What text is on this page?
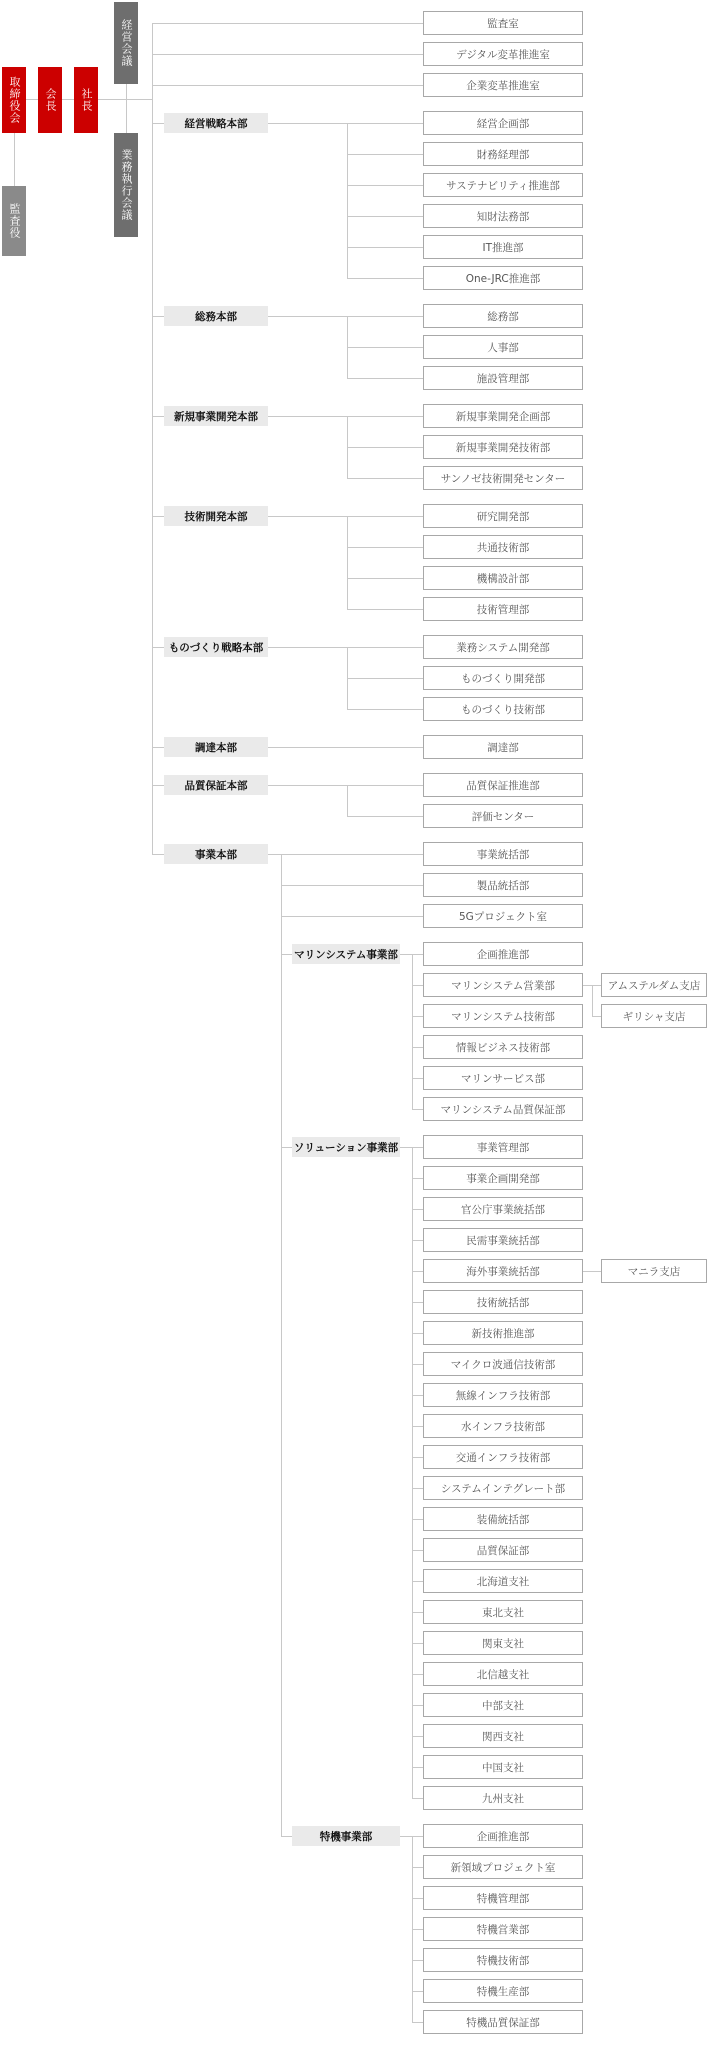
取締役会 会長 社長
監査役
経営会議
業務執行会議
監査室
デジタル変革推進室
企業変革推進室
経営戦略本部	経営企画部
財務経理部
サステナビリティ推進部
知財法務部
IT推進部
One-JRC推進部
総務本部	総務部
人事部
施設管理部
新規事業開発本部	新規事業開発企画部
新規事業開発技術部
サンノゼ技術開発センター
技術開発本部	研究開発部
共通技術部
機構設計部
技術管理部
ものづくり戦略本部	業務システム開発部
ものづくり開発部
ものづくり技術部
調達本部	調達部
品質保証本部	品質保証推進部
評価センター
事業本部	事業統括部
製品統括部
5Gプロジェクト室
マリンシステム事業部	企画推進部
マリンシステム営業部	アムステルダム支店
ギリシャ支店
マリンシステム技術部
情報ビジネス技術部
マリンサービス部
マリンシステム品質保証部
ソリューション事業部	事業管理部
事業企画開発部
官公庁事業統括部
民需事業統括部
海外事業統括部	マニラ支店
技術統括部
新技術推進部
マイクロ波通信技術部
無線インフラ技術部
水インフラ技術部
交通インフラ技術部
システムインテグレート部
装備統括部
品質保証部
北海道支社
東北支社
関東支社
北信越支社
中部支社
関西支社
中国支社
九州支社
特機事業部	企画推進部
新領域プロジェクト室
特機管理部
特機営業部
特機技術部
特機生産部
特機品質保証部
